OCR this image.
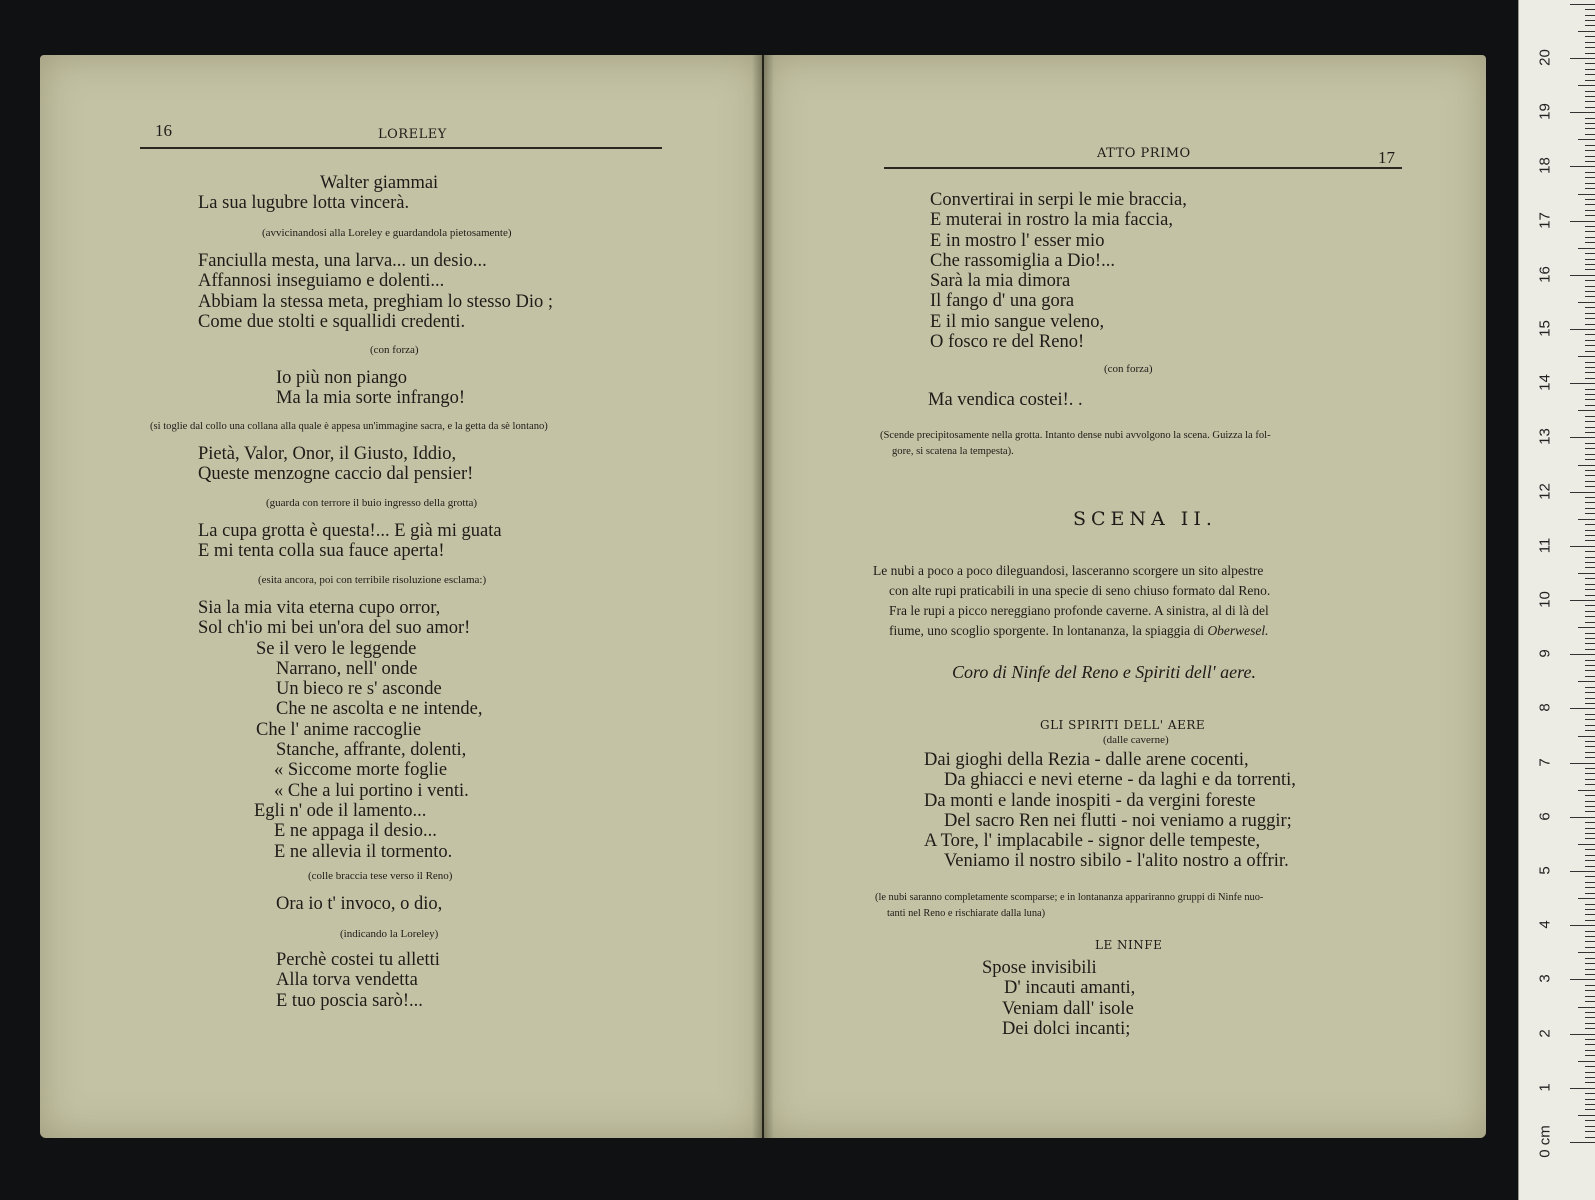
16	LORELEY
Walter giammai
La sua lugubre lotta vincerà.
(avvicinandosi alla Loreley e guardandola pietosamente)
Fanciulla mesta, una larva... un desio...
Affannosi inseguiamo e dolenti...
Abbiam la stessa meta, preghiam lo stesso Dio ;
Come due stolti e squallidi credenti.
(con forza)
Io più non piango
Ma la mia sorte infrango!
(si toglie dal collo una collana alla quale è appesa un'immagine sacra, e la getta da sè lontano)
Pietà, Valor, Onor, il Giusto, Iddio,
Queste menzogne caccio dal pensier!
(guarda con terrore il buio ingresso della grotta)
La cupa grotta è questa!... E già mi guata
E mi tenta colla sua fauce aperta!
(esita ancora, poi con terribile risoluzione esclama:)
Sia la mia vita eterna cupo orror,
Sol ch'io mi bei un'ora del suo amor!
Se il vero le leggende
Narrano, nell' onde
Un bieco re s' asconde
Che ne ascolta e ne intende,
Che l' anime raccoglie
Stanche, affrante, dolenti,
« Siccome morte foglie
« Che a lui portino i venti.
Egli n' ode il lamento...
E ne appaga il desio...
E ne allevia il tormento.
(colle braccia tese verso il Reno)
Ora io t' invoco, o dio,
(indicando la Loreley)
Perchè costei tu alletti
Alla torva vendetta
E tuo poscia sarò!...
ATTO PRIMO	17
Convertirai in serpi le mie braccia,
E muterai in rostro la mia faccia,
E in mostro l' esser mio
Che rassomiglia a Dio!...
Sarà la mia dimora
Il fango d' una gora
E il mio sangue veleno,
O fosco re del Reno!
(con forza)
Ma vendica costei!. .
(Scende precipitosamente nella grotta. Intanto dense nubi avvolgono la scena. Guizza la fol-
gore, si scatena la tempesta).
SCENA II.
Le nubi a poco a poco dileguandosi, lasceranno scorgere un sito alpestre
con alte rupi praticabili in una specie di seno chiuso formato dal Reno.
Fra le rupi a picco nereggiano profonde caverne. A sinistra, al di là del
fiume, uno scoglio sporgente. In lontananza, la spiaggia di Oberwesel.
Coro di Ninfe del Reno e Spiriti dell' aere.
GLI SPIRITI DELL' AERE
(dalle caverne)
Dai gioghi della Rezia - dalle arene cocenti,
Da ghiacci e nevi eterne - da laghi e da torrenti,
Da monti e lande inospiti - da vergini foreste
Del sacro Ren nei flutti - noi veniamo a ruggir;
A Tore, l' implacabile - signor delle tempeste,
Veniamo il nostro sibilo - l'alito nostro a offrir.
(le nubi saranno completamente scomparse; e in lontananza appariranno gruppi di Ninfe nuo-
tanti nel Reno e rischiarate dalla luna)
LE NINFE
Spose invisibili
D' incauti amanti,
Veniam dall' isole
Dei dolci incanti;
0 cm
1
2
3
4
5
6
7
8
9
10
11
12
13
14
15
16
17
18
19
20
